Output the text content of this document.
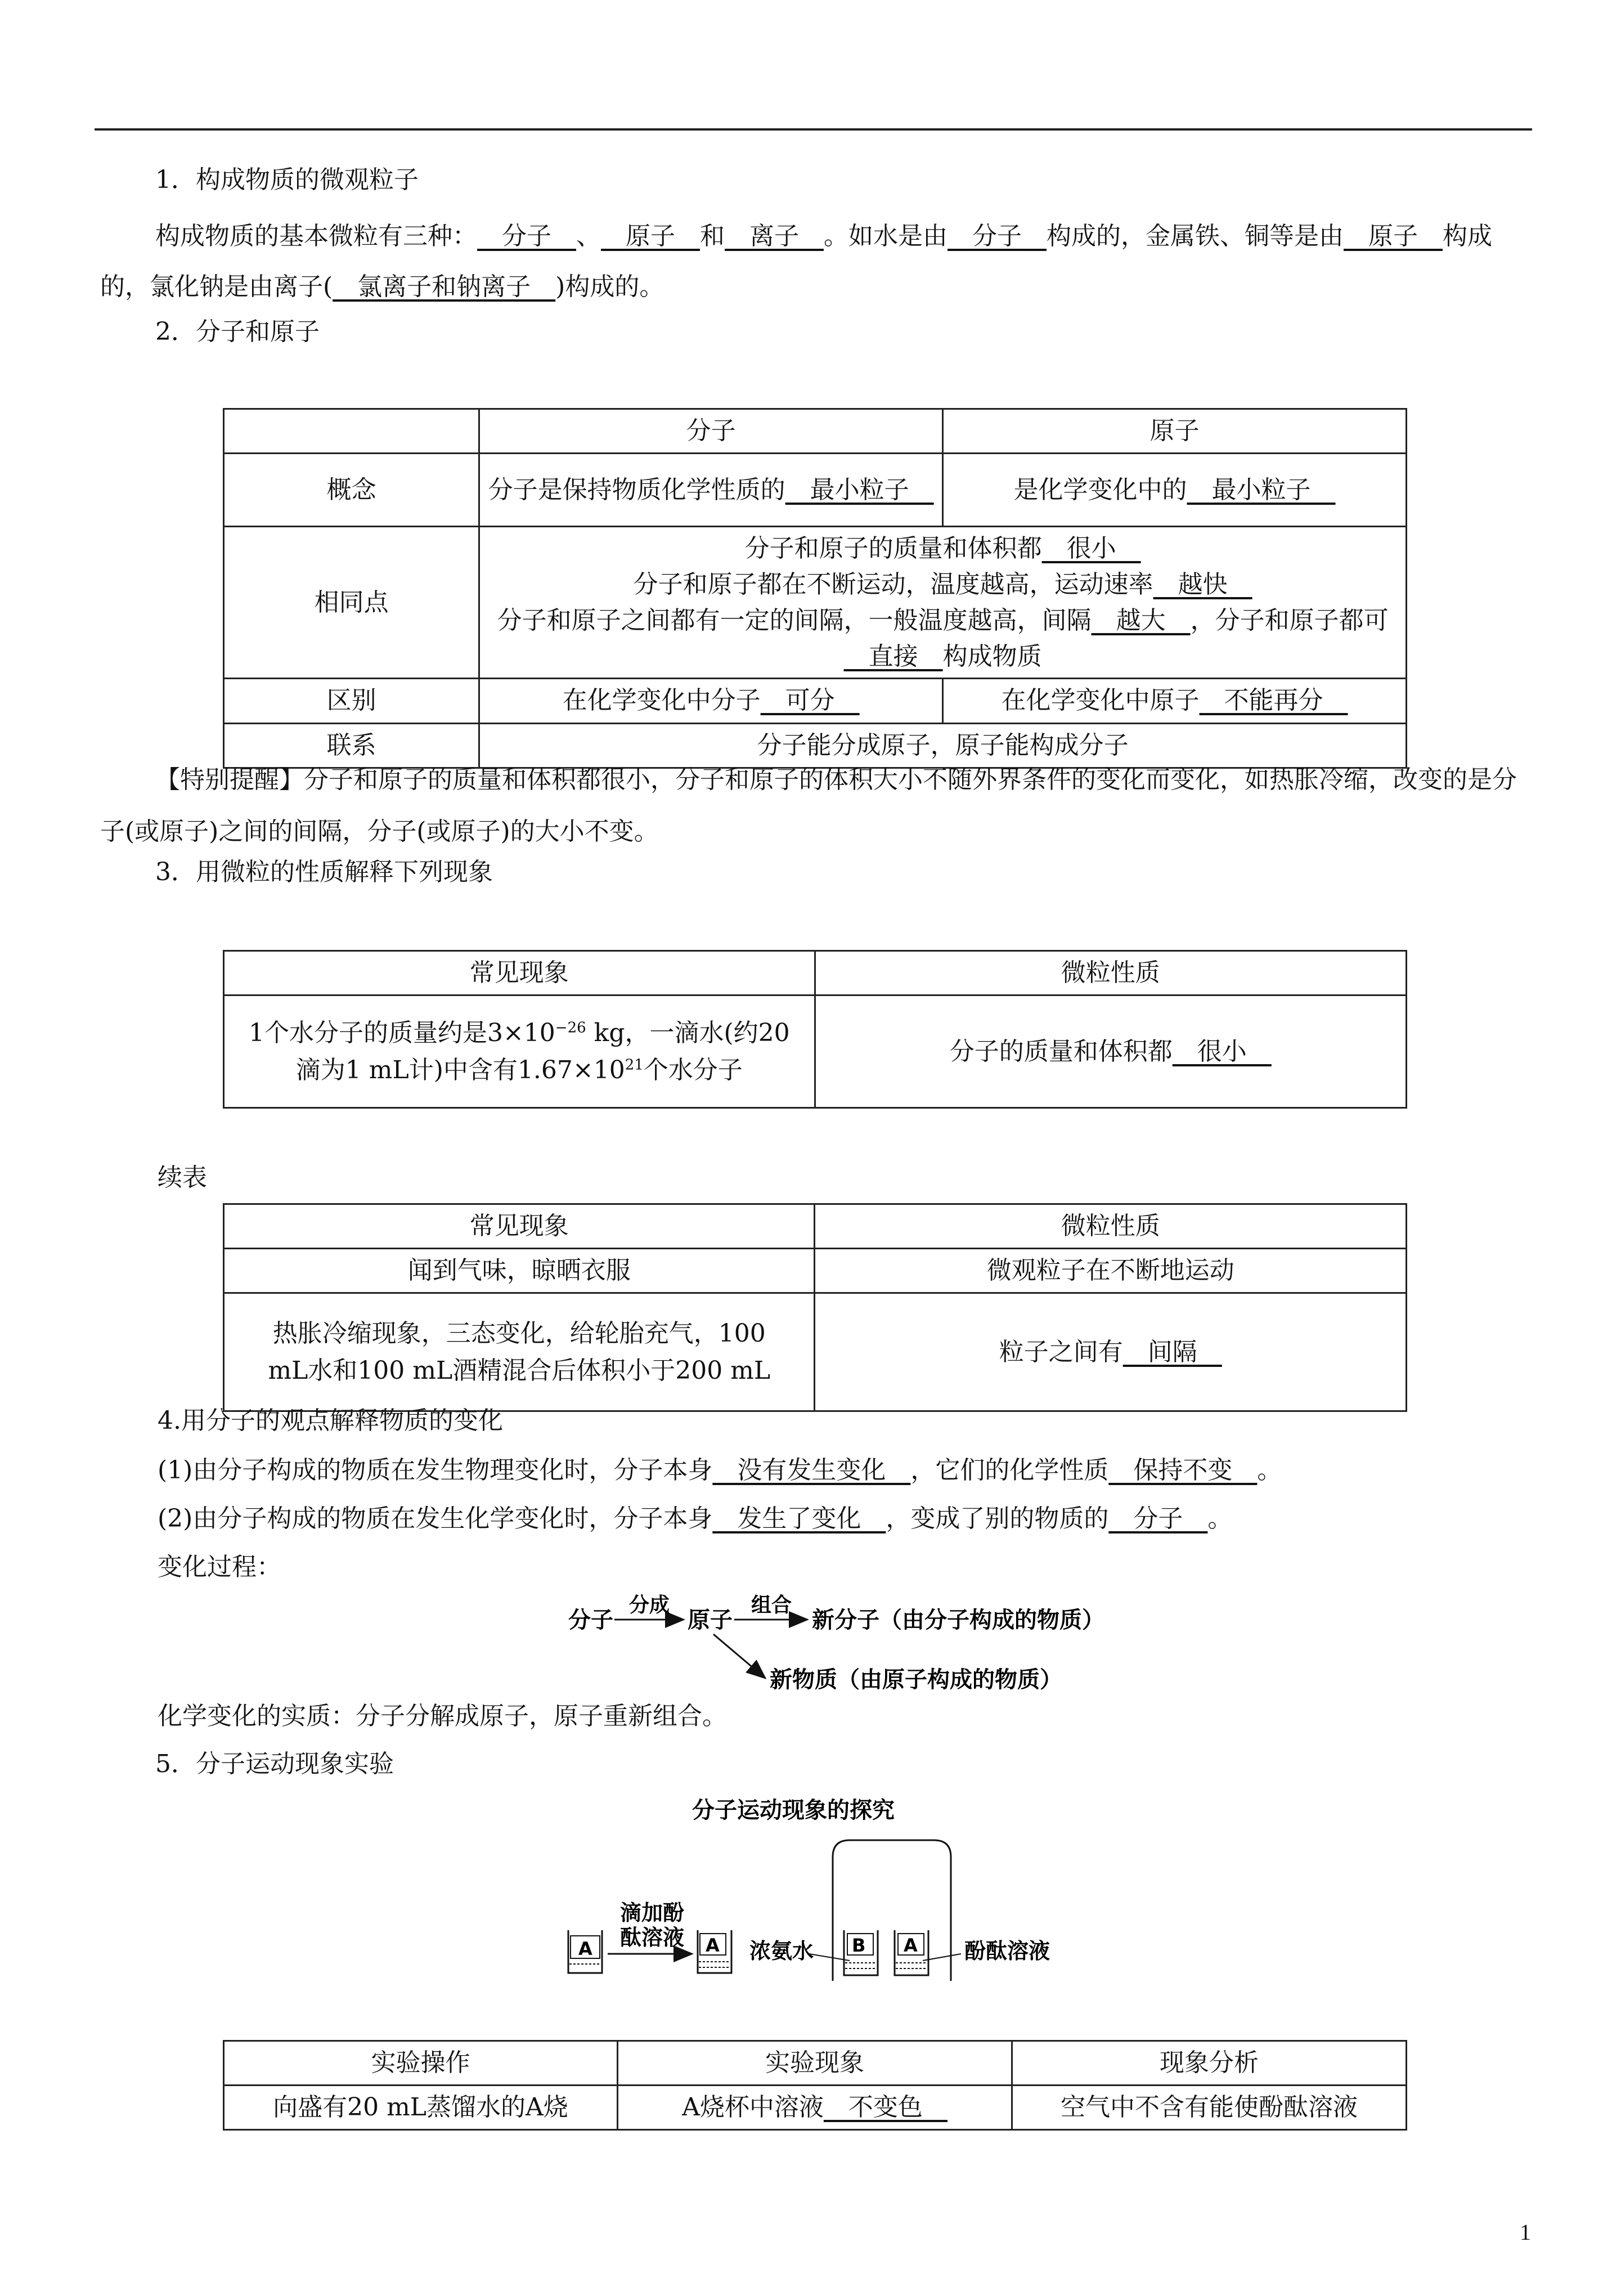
1．构成物质的微观粒子

构成物质的基本微粒有三种：__分子__、__原子__和__离子__。如水是由__分子__构成的，金属铁、铜等是由__原子__构成的，氯化钠是由离子(__氯离子和钠离子__)构成的。

2．分子和原子

	分子	原子
概念	分子是保持物质化学性质的__最小粒子__	是化学变化中的__最小粒子__
相同点	分子和原子的质量和体积都__很小__
分子和原子都在不断运动，温度越高，运动速率__越快__
分子和原子之间都有一定的间隔，一般温度越高，间隔__越大__，分子和原子都可__直接__构成物质	

区别	在化学变化中分子__可分__	在化学变化中原子__不能再分__
联系	分子能分成原子，原子能构成分子	

【特别提醒】分子和原子的质量和体积都很小，分子和原子的体积大小不随外界条件的变化而变化，如热胀冷缩，改变的是分子(或原子)之间的间隔，分子(或原子)的大小不变。

3．用微粒的性质解释下列现象

常见现象	微粒性质
1个水分子的质量约是$3\times 10^{-26}$ kg，一滴水(约20滴为1 mL计)中含有$1.67\times 10^{21}$个水分子	分子的质量和体积都__很小__

续表

常见现象	微粒性质
闻到气味，晾晒衣服	微观粒子在不断地运动
热胀冷缩现象，三态变化，给轮胎充气，100 mL水和100 mL酒精混合后体积小于200 mL	粒子之间有__间隔__

4.用分子的观点解释物质的变化

(1)由分子构成的物质在发生物理变化时，分子本身__没有发生变化__，它们的化学性质__保持不变__。

(2)由分子构成的物质在发生化学变化时，分子本身__发生了变化__，变成了别的物质的__分子__。

变化过程：

分子
分成
原子
组合
新分子（由分子构成的物质）
新物质（由原子构成的物质）

化学变化的实质：分子分解成原子，原子重新组合。

5．分子运动现象实验

分子运动现象的探究
A
滴加酚
酞溶液 A 浓氨水 B A 酚酞溶液
实验操作	实验现象	现象分析
向盛有20 mL蒸馏水的A烧	A烧杯中溶液__不变色__	空气中不含有能使酚酞溶液
1
